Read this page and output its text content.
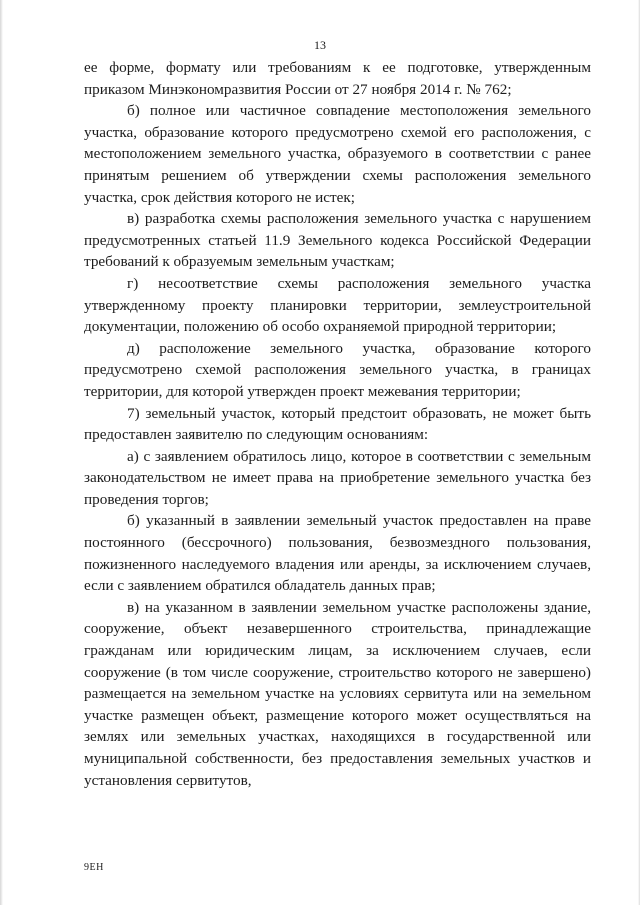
13

ее форме, формату или требованиям к ее подготовке, утвержденным приказом Минэкономразвития России от 27 ноября 2014 г. № 762;

б) полное или частичное совпадение местоположения земельного участка, образование которого предусмотрено схемой его расположения, с местоположением земельного участка, образуемого в соответствии с ранее принятым решением об утверждении схемы расположения земельного участка, срок действия которого не истек;

в) разработка схемы расположения земельного участка с нарушением предусмотренных статьей 11.9 Земельного кодекса Российской Федерации требований к образуемым земельным участкам;

г) несоответствие схемы расположения земельного участка утвержденному проекту планировки территории, землеустроительной документации, положению об особо охраняемой природной территории;

д) расположение земельного участка, образование которого предусмотрено схемой расположения земельного участка, в границах территории, для которой утвержден проект межевания территории;

7) земельный участок, который предстоит образовать, не может быть предоставлен заявителю по следующим основаниям:

а) с заявлением обратилось лицо, которое в соответствии с земельным законодательством не имеет права на приобретение земельного участка без проведения торгов;

б) указанный в заявлении земельный участок предоставлен на праве постоянного (бессрочного) пользования, безвозмездного пользования, пожизненного наследуемого владения или аренды, за исключением случаев, если с заявлением обратился обладатель данных прав;

в) на указанном в заявлении земельном участке расположены здание, сооружение, объект незавершенного строительства, принадлежащие гражданам или юридическим лицам, за исключением случаев, если сооружение (в том числе сооружение, строительство которого не завершено) размещается на земельном участке на условиях сервитута или на земельном участке размещен объект, размещение которого может осуществляться на землях или земельных участках, находящихся в государственной или муниципальной собственности, без предоставления земельных участков и установления сервитутов,

9ЕН
